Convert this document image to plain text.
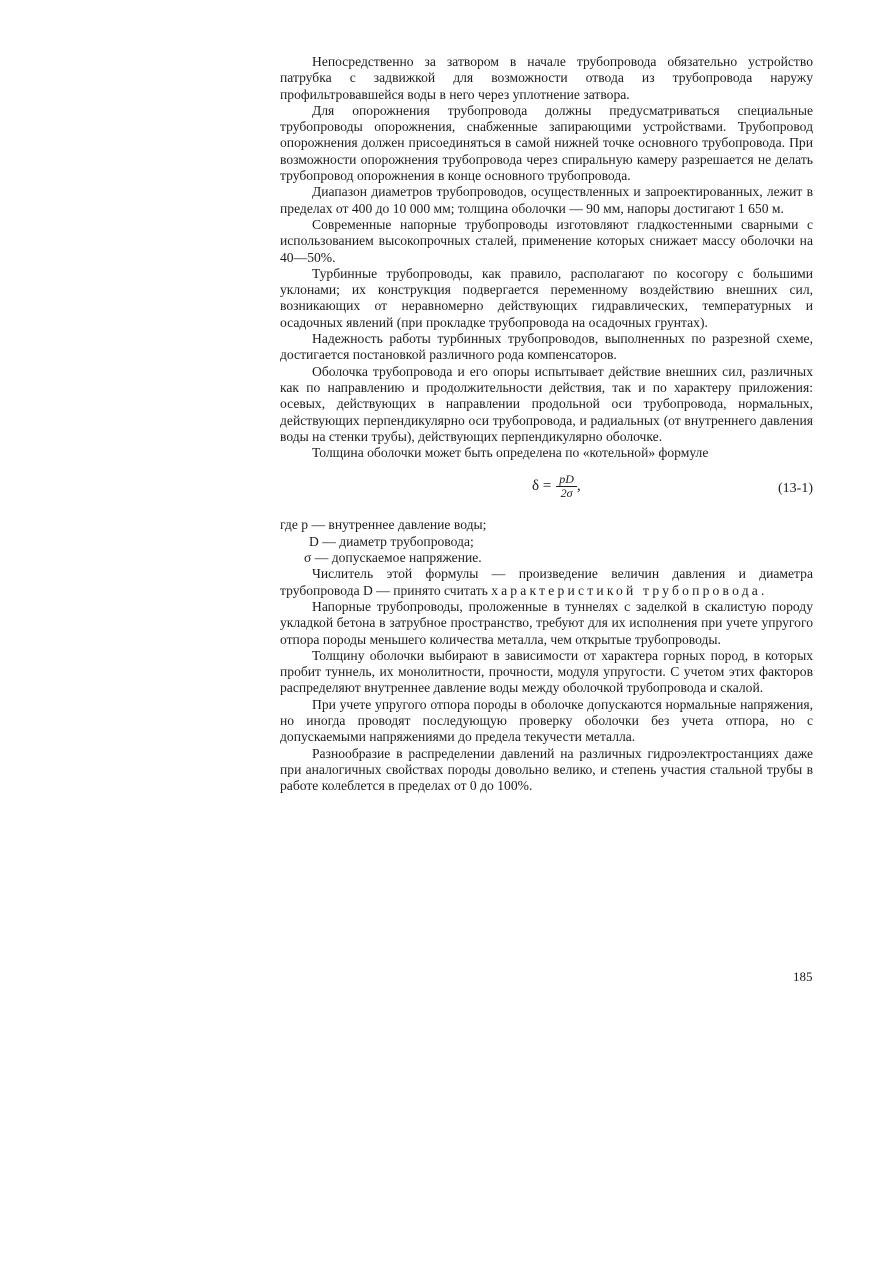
Непосредственно за затвором в начале трубопровода обязательно устройство патрубка с задвижкой для возможности отвода из трубопровода наружу профильтровавшейся воды в него через уплотнение затвора.

Для опорожнения трубопровода должны предусматриваться специальные трубопроводы опорожнения, снабженные запирающими устройствами. Трубопровод опорожнения должен присоединяться в самой нижней точке основного трубопровода. При возможности опорожнения трубопровода через спиральную камеру разрешается не делать трубопровод опорожнения в конце основного трубопровода.

Диапазон диаметров трубопроводов, осуществленных и запроектированных, лежит в пределах от 400 до 10 000 мм; толщина оболочки — 90 мм, напоры достигают 1 650 м.

Современные напорные трубопроводы изготовляют гладкостенными сварными с использованием высокопрочных сталей, применение которых снижает массу оболочки на 40—50%.

Турбинные трубопроводы, как правило, располагают по косогору с большими уклонами; их конструкция подвергается переменному воздействию внешних сил, возникающих от неравномерно действующих гидравлических, температурных и осадочных явлений (при прокладке трубопровода на осадочных грунтах).

Надежность работы турбинных трубопроводов, выполненных по разрезной схеме, достигается постановкой различного рода компенсаторов.

Оболочка трубопровода и его опоры испытывает действие внешних сил, различных как по направлению и продолжительности действия, так и по характеру приложения: осевых, действующих в направлении продольной оси трубопровода, нормальных, действующих перпендикулярно оси трубопровода, и радиальных (от внутреннего давления воды на стенки трубы), действующих перпендикулярно оболочке.

Толщина оболочки может быть определена по «котельной» формуле

$\delta = \frac{pD}{2\sigma}$ ,	(13-1)
где p — внутреннее давление воды;
D — диаметр трубопровода;
σ — допускаемое напряжение.

Числитель этой формулы — произведение величин давления и диаметра трубопровода D — принято считать характеристикой трубопровода.

Напорные трубопроводы, проложенные в туннелях с заделкой в скалистую породу укладкой бетона в затрубное пространство, требуют для их исполнения при учете упругого отпора породы меньшего количества металла, чем открытые трубопроводы.

Толщину оболочки выбирают в зависимости от характера горных пород, в которых пробит туннель, их монолитности, прочности, модуля упругости. С учетом этих факторов распределяют внутреннее давление воды между оболочкой трубопровода и скалой.

При учете упругого отпора породы в оболочке допускаются нормальные напряжения, но иногда проводят последующую проверку оболочки без учета отпора, но с допускаемыми напряжениями до предела текучести металла.

Разнообразие в распределении давлений на различных гидроэлектростанциях даже при аналогичных свойствах породы довольно велико, и степень участия стальной трубы в работе колеблется в пределах от 0 до 100%.

185
